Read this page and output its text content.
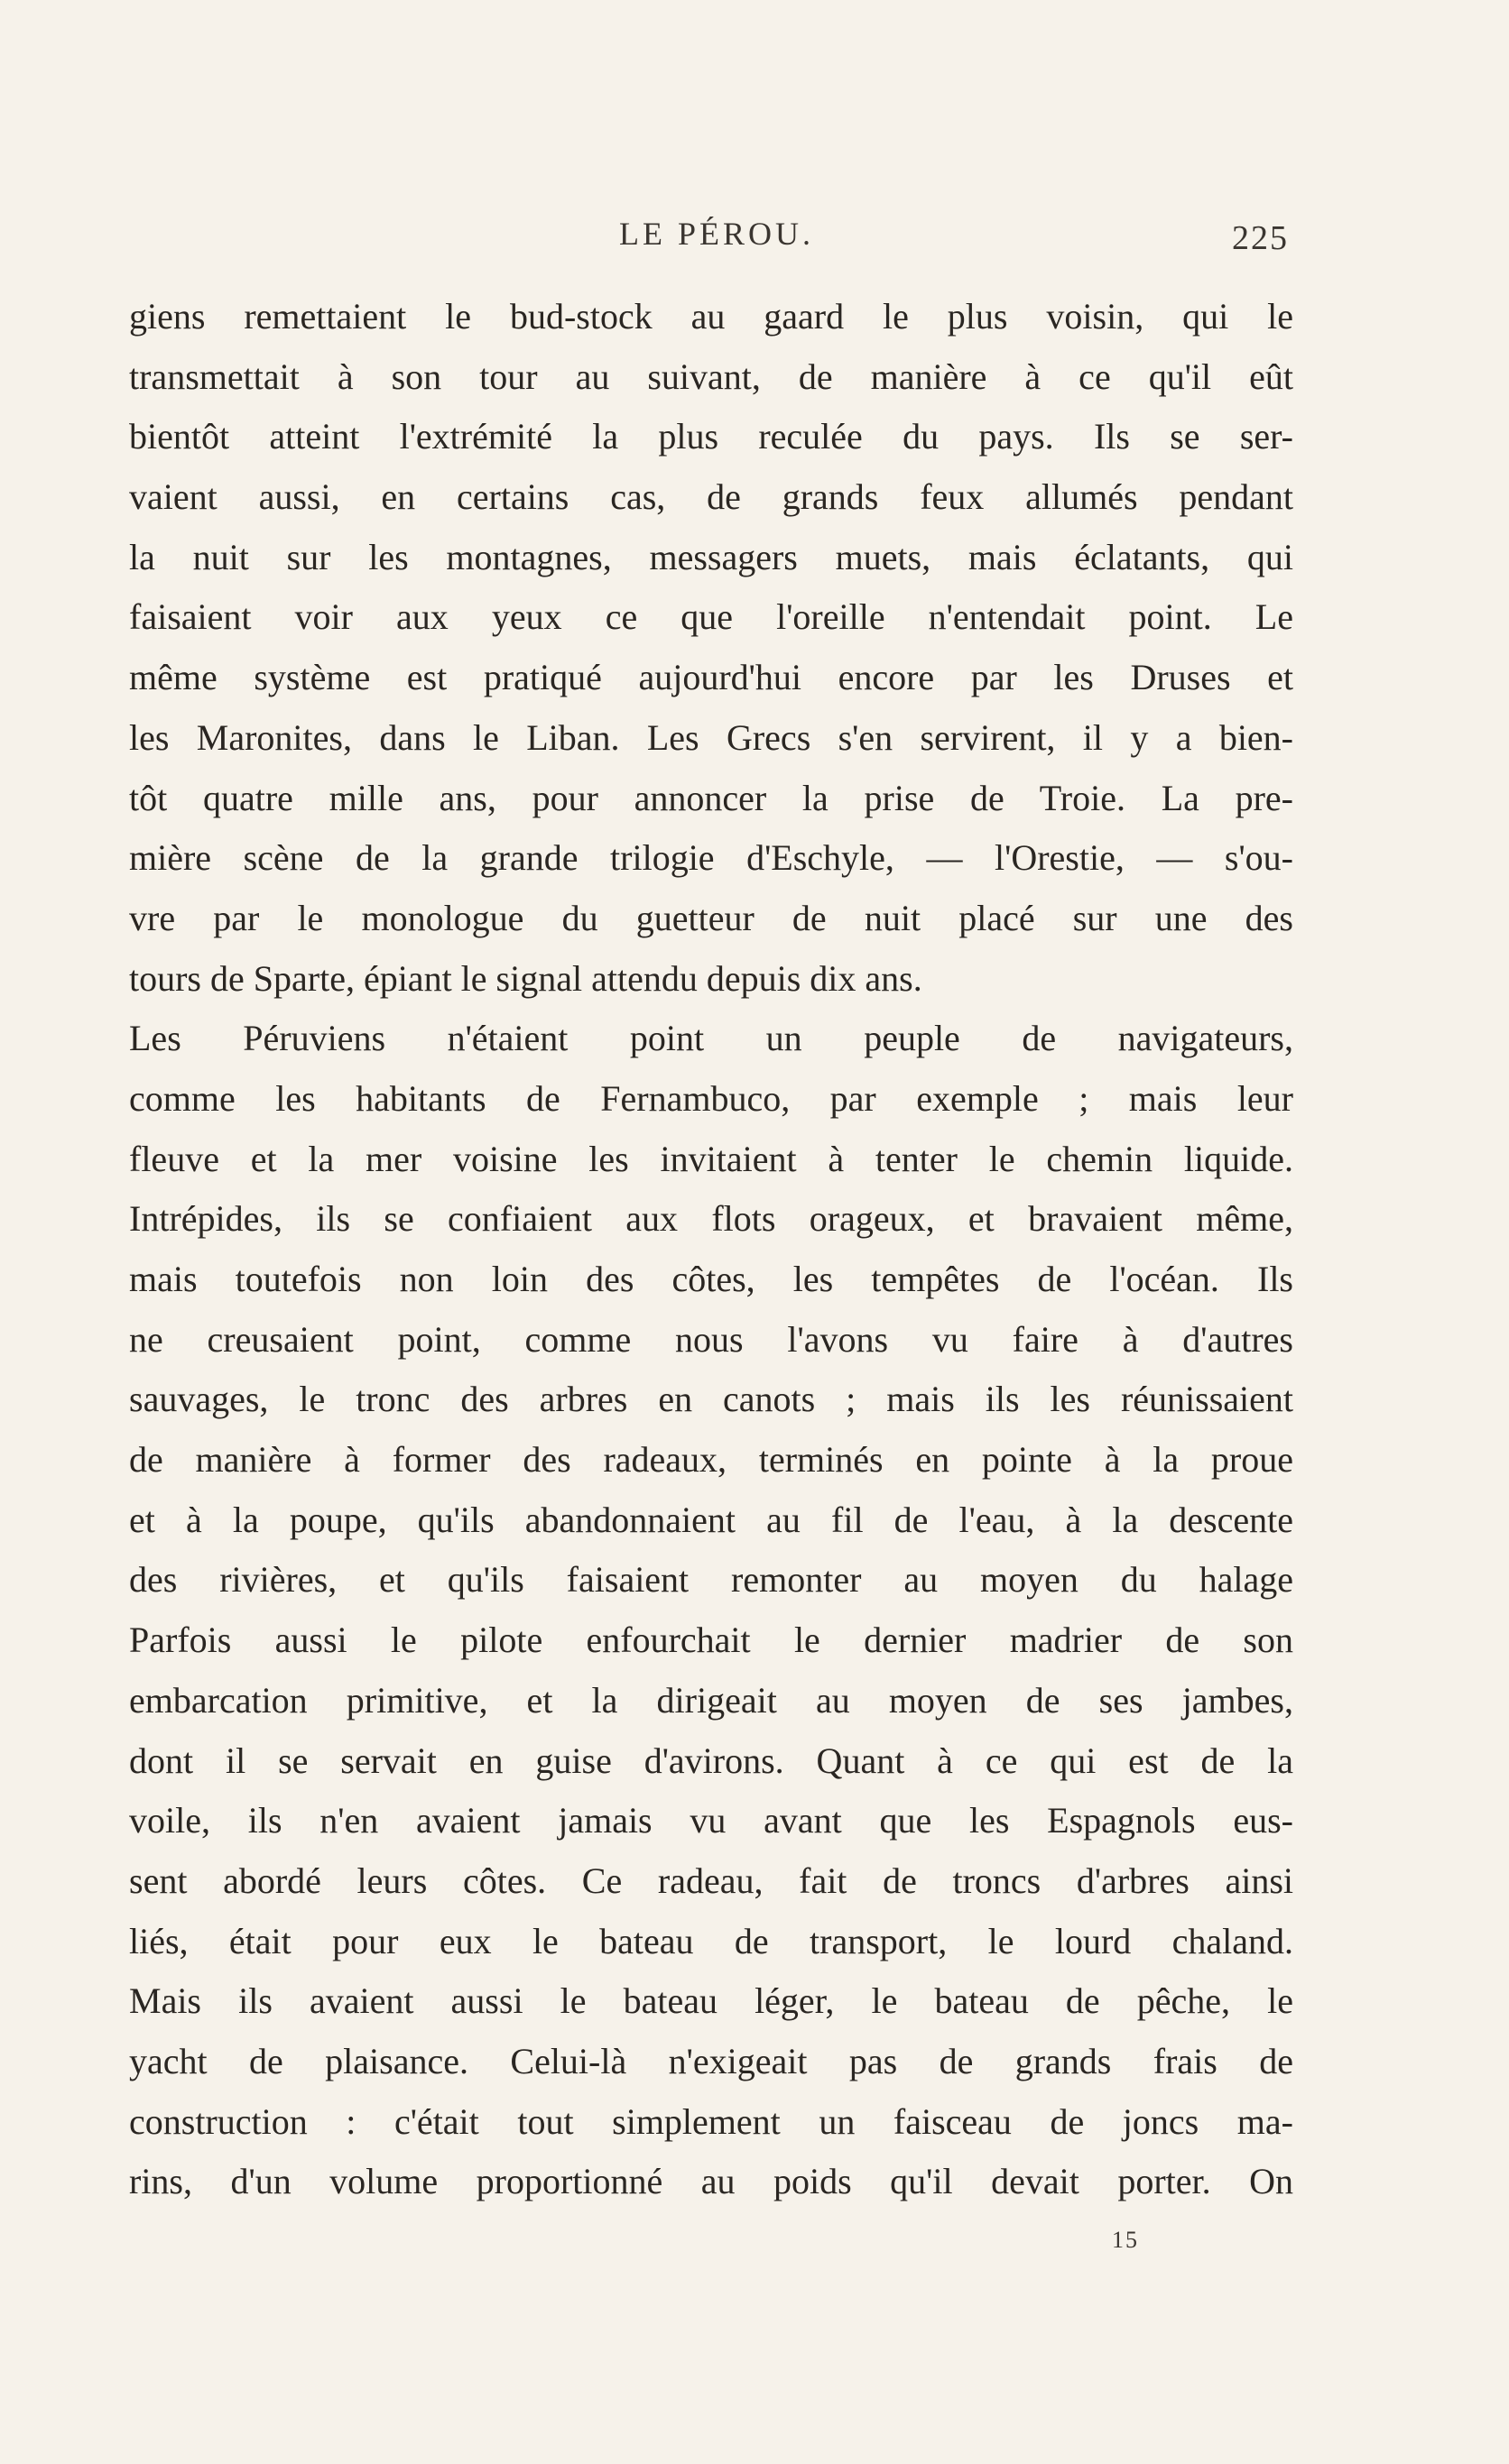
LE PÉROU.	225
giens remettaient le bud-stock au gaard le plus voisin, qui le
transmettait à son tour au suivant, de manière à ce qu'il eût
bientôt atteint l'extrémité la plus reculée du pays. Ils se ser-
vaient aussi, en certains cas, de grands feux allumés pendant
la nuit sur les montagnes, messagers muets, mais éclatants, qui
faisaient voir aux yeux ce que l'oreille n'entendait point. Le
même système est pratiqué aujourd'hui encore par les Druses et
les Maronites, dans le Liban. Les Grecs s'en servirent, il y a bien-
tôt quatre mille ans, pour annoncer la prise de Troie. La pre-
mière scène de la grande trilogie d'Eschyle, — l'Orestie, — s'ou-
vre par le monologue du guetteur de nuit placé sur une des
tours de Sparte, épiant le signal attendu depuis dix ans.
Les Péruviens n'étaient point un peuple de navigateurs,
comme les habitants de Fernambuco, par exemple ; mais leur
fleuve et la mer voisine les invitaient à tenter le chemin liquide.
Intrépides, ils se confiaient aux flots orageux, et bravaient même,
mais toutefois non loin des côtes, les tempêtes de l'océan. Ils
ne creusaient point, comme nous l'avons vu faire à d'autres
sauvages, le tronc des arbres en canots ; mais ils les réunissaient
de manière à former des radeaux, terminés en pointe à la proue
et à la poupe, qu'ils abandonnaient au fil de l'eau, à la descente
des rivières, et qu'ils faisaient remonter au moyen du halage
Parfois aussi le pilote enfourchait le dernier madrier de son
embarcation primitive, et la dirigeait au moyen de ses jambes,
dont il se servait en guise d'avirons. Quant à ce qui est de la
voile, ils n'en avaient jamais vu avant que les Espagnols eus-
sent abordé leurs côtes. Ce radeau, fait de troncs d'arbres ainsi
liés, était pour eux le bateau de transport, le lourd chaland.
Mais ils avaient aussi le bateau léger, le bateau de pêche, le
yacht de plaisance. Celui-là n'exigeait pas de grands frais de
construction : c'était tout simplement un faisceau de joncs ma-
rins, d'un volume proportionné au poids qu'il devait porter. On
15
